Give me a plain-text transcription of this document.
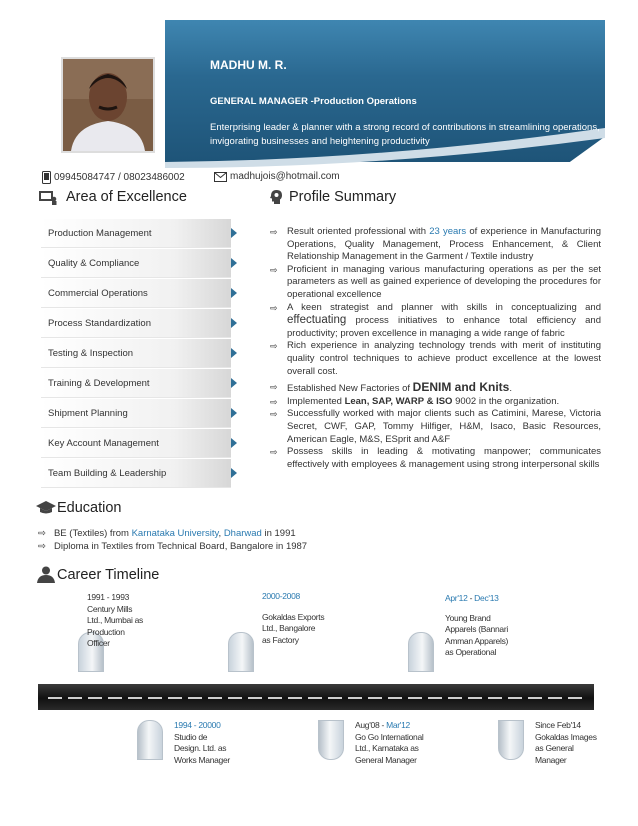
MADHU M. R.
GENERAL MANAGER -Production Operations
Enterprising leader & planner with a strong record of contributions in streamlining operations, invigorating businesses and heightening productivity
09945084747 / 08023486002	madhujois@hotmail.com
Area of Excellence	Profile Summary
Production Management
Quality & Compliance
Commercial Operations
Process Standardization
Testing & Inspection
Training & Development
Shipment Planning
Key Account Management
Team Building & Leadership
⇨ Result oriented professional with 23 years of experience in Manufacturing Operations, Quality Management, Process Enhancement, & Client Relationship Management in the Garment / Textile industry
⇨ Proficient in managing various manufacturing operations as per the set parameters as well as gained experience of developing the procedures for operational excellence
⇨ A keen strategist and planner with skills in conceptualizing and effectuating process initiatives to enhance total efficiency and productivity; proven excellence in managing a wide range of fabric
⇨ Rich experience in analyzing technology trends with merit of instituting quality control techniques to achieve product excellence at the lowest overall cost.
⇨ Established New Factories of DENIM and Knits.
⇨ Implemented Lean, SAP, WARP & ISO 9002 in the organization.
⇨ Successfully worked with major clients such as Catimini, Marese, Victoria Secret, CWF, GAP, Tommy Hilfiger, H&M, Isaco, Basic Resources, American Eagle, M&S, ESprit and A&F
⇨ Possess skills in leading & motivating manpower; communicates effectively with employees & management using strong interpersonal skills
Education
⇨ BE (Textiles) from Karnataka University, Dharwad in 1991
⇨ Diploma in Textiles from Technical Board, Bangalore in 1987
Career Timeline
1991 - 1993
Century Mills
Ltd., Mumbai as
Production
Officer
2000-2008
Gokaldas Exports
Ltd., Bangalore
as Factory
Apr'12 - Dec'13
Young Brand
Apparels (Bannari
Amman Apparels)
as Operational
1994 - 20000
Studio de
Design. Ltd. as
Works Manager
Aug'08 - Mar'12
Go Go International
Ltd., Karnataka as
General Manager
Since Feb'14
Gokaldas Images
as General
Manager
